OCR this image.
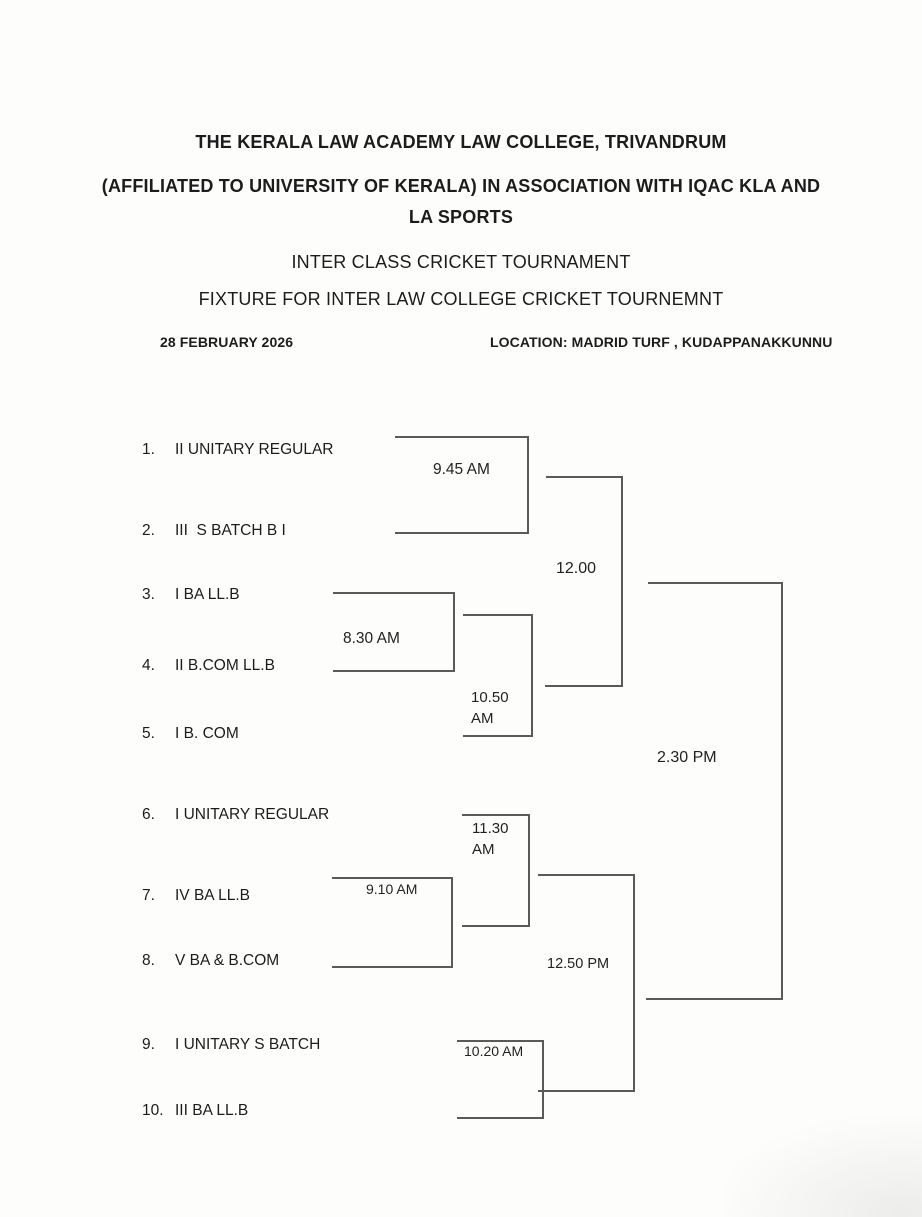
THE KERALA LAW ACADEMY LAW COLLEGE, TRIVANDRUM
(AFFILIATED TO UNIVERSITY OF KERALA) IN ASSOCIATION WITH IQAC KLA AND
LA SPORTS
INTER CLASS CRICKET TOURNAMENT
FIXTURE FOR INTER LAW COLLEGE CRICKET TOURNEMNT
28 FEBRUARY 2026	LOCATION: MADRID TURF , KUDAPPANAKKUNNU
1. II UNITARY REGULAR
2. III  S BATCH B I
3. I BA LL.B
4. II B.COM LL.B
5. I B. COM
6. I UNITARY REGULAR
7. IV BA LL.B
8. V BA & B.COM
9. I UNITARY S BATCH
10. III BA LL.B
9.45 AM
8.30 AM
9.10 AM
10.20 AM
10.50 AM
11.30 AM
12.00
12.50 PM
2.30 PM
